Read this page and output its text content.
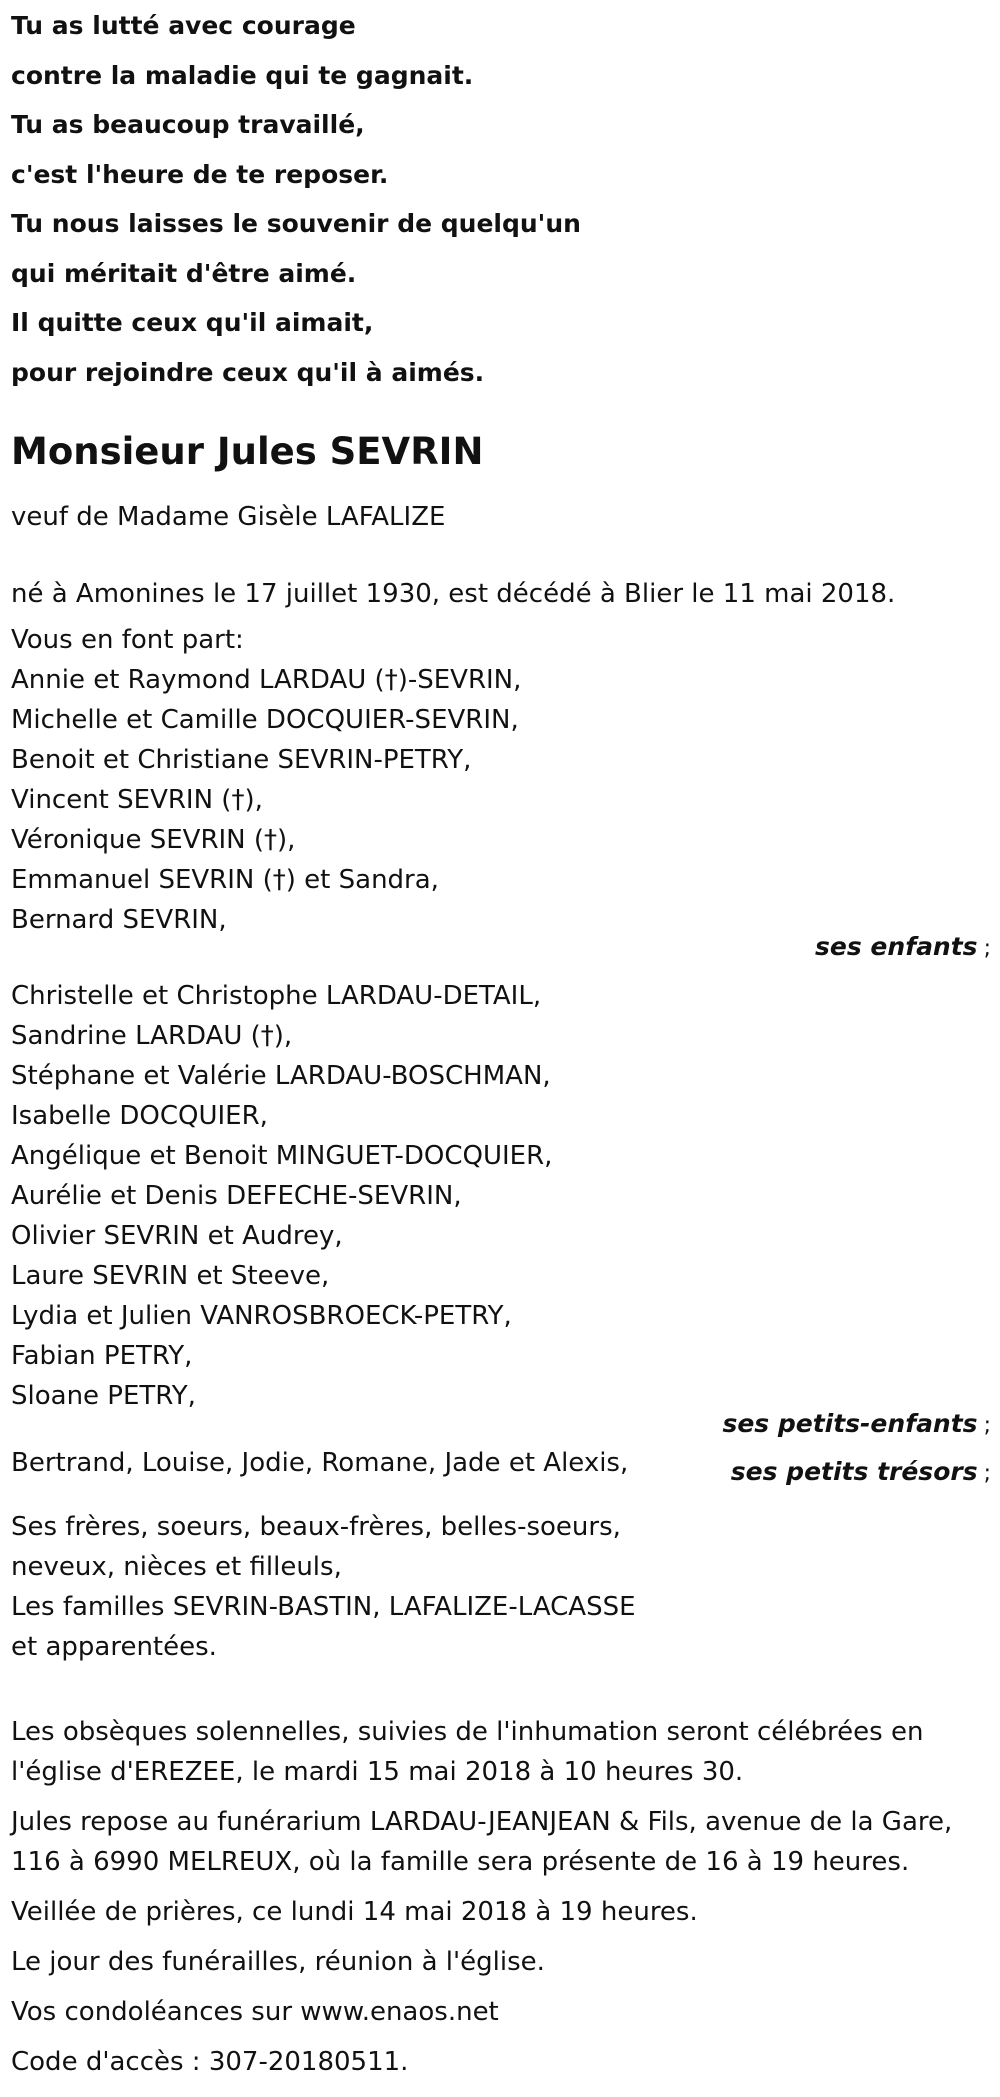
Tu as lutté avec courage
contre la maladie qui te gagnait.
Tu as beaucoup travaillé,
c'est l'heure de te reposer.
Tu nous laisses le souvenir de quelqu'un
qui méritait d'être aimé.
Il quitte ceux qu'il aimait,
pour rejoindre ceux qu'il à aimés.
Monsieur Jules SEVRIN
veuf de Madame Gisèle LAFALIZE
né à Amonines le 17 juillet 1930, est décédé à Blier le 11 mai 2018.
Vous en font part:
Annie et Raymond LARDAU (†)-SEVRIN,
Michelle et Camille DOCQUIER-SEVRIN,
Benoit et Christiane SEVRIN-PETRY,
Vincent SEVRIN (†),
Véronique SEVRIN (†),
Emmanuel SEVRIN (†) et Sandra,
Bernard SEVRIN,
ses enfants ;
Christelle et Christophe LARDAU-DETAIL,
Sandrine LARDAU (†),
Stéphane et Valérie LARDAU-BOSCHMAN,
Isabelle DOCQUIER,
Angélique et Benoit MINGUET-DOCQUIER,
Aurélie et Denis DEFECHE-SEVRIN,
Olivier SEVRIN et Audrey,
Laure SEVRIN et Steeve,
Lydia et Julien VANROSBROECK-PETRY,
Fabian PETRY,
Sloane PETRY,
ses petits-enfants ;
Bertrand, Louise, Jodie, Romane, Jade et Alexis,	ses petits trésors ;
Ses frères, soeurs, beaux-frères, belles-soeurs,
neveux, nièces et filleuls,
Les familles SEVRIN-BASTIN, LAFALIZE-LACASSE
et apparentées.
Les obsèques solennelles, suivies de l'inhumation seront célébrées en
l'église d'EREZEE, le mardi 15 mai 2018 à 10 heures 30.
Jules repose au funérarium LARDAU-JEANJEAN & Fils, avenue de la Gare,
116 à 6990 MELREUX, où la famille sera présente de 16 à 19 heures.
Veillée de prières, ce lundi 14 mai 2018 à 19 heures.
Le jour des funérailles, réunion à l'église.
Vos condoléances sur www.enaos.net
Code d'accès : 307-20180511.
